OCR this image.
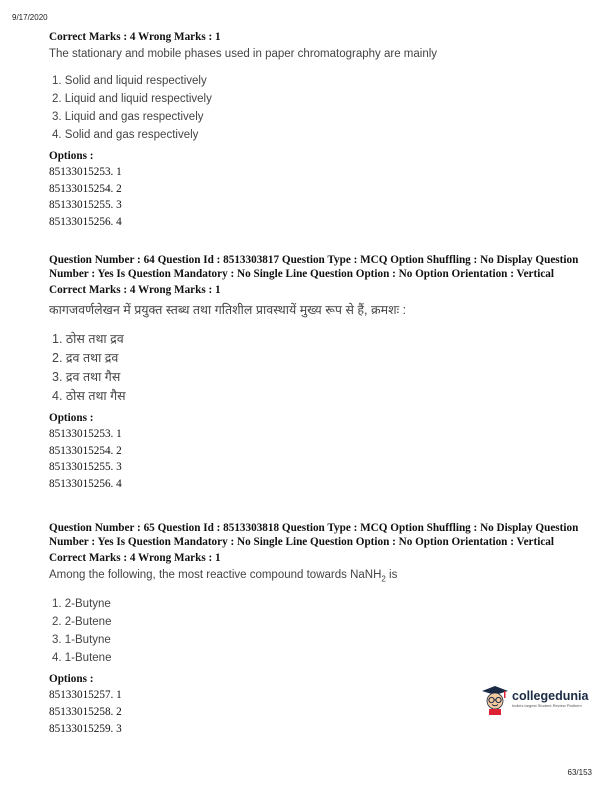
9/17/2020

Correct Marks : 4 Wrong Marks : 1

The stationary and mobile phases used in paper chromatography are mainly

1. Solid and liquid respectively
2. Liquid and liquid respectively
3. Liquid and gas respectively
4. Solid and gas respectively

Options :

85133015253. 1

85133015254. 2

85133015255. 3

85133015256. 4

Question Number : 64 Question Id : 8513303817 Question Type : MCQ Option Shuffling : No Display Question Number : Yes Is Question Mandatory : No Single Line Question Option : No Option Orientation : Vertical

Correct Marks : 4 Wrong Marks : 1

कागजवर्णलेखन में प्रयुक्त स्तब्ध तथा गतिशील प्रावस्थायें मुख्य रूप से हैं, क्रमशः :

1. ठोस तथा द्रव
2. द्रव तथा द्रव
3. द्रव तथा गैस
4. ठोस तथा गैस

Options :

85133015253. 1

85133015254. 2

85133015255. 3

85133015256. 4

Question Number : 65 Question Id : 8513303818 Question Type : MCQ Option Shuffling : No Display Question Number : Yes Is Question Mandatory : No Single Line Question Option : No Option Orientation : Vertical

Correct Marks : 4 Wrong Marks : 1

Among the following, the most reactive compound towards NaNH$_2$ is

1. 2-Butyne
2. 2-Butene
3. 1-Butyne
4. 1-Butene

Options :

85133015257. 1

85133015258. 2

85133015259. 3

collegedunia
India's largest Student Review Platform
63/153
